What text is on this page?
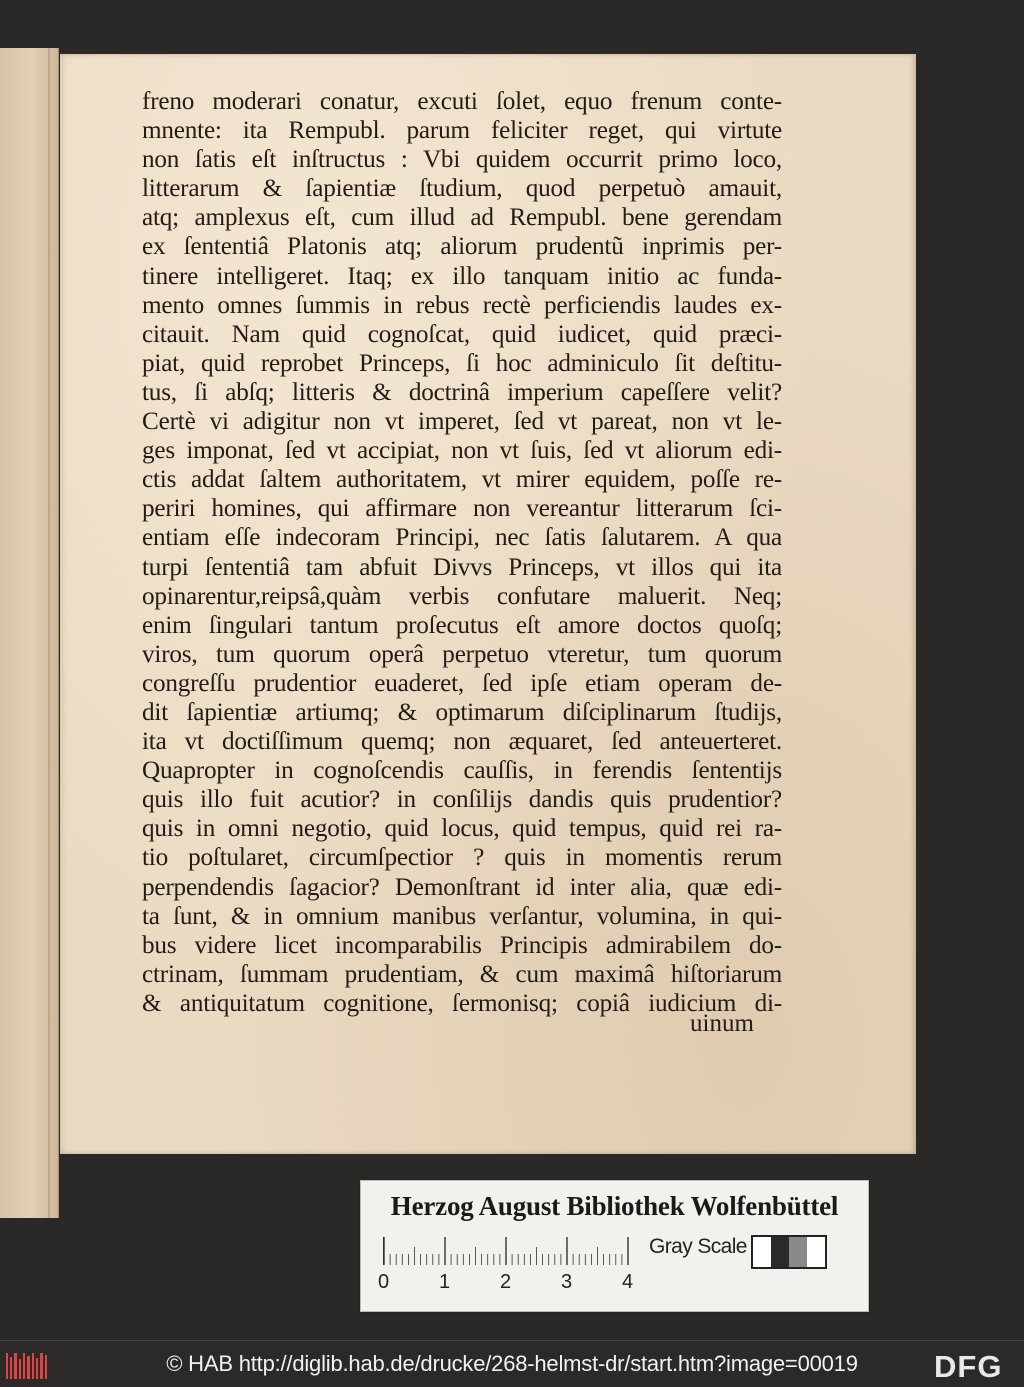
freno moderari conatur, excuti ſolet, equo frenum conte-
mnente: ita Rempubl. parum feliciter reget, qui virtute
non ſatis eſt inſtructus : Vbi quidem occurrit primo loco,
litterarum & ſapientiæ ſtudium, quod perpetuò amauit,
atq; amplexus eſt, cum illud ad Rempubl. bene gerendam
ex ſententiâ Platonis atq; aliorum prudentũ inprimis per-
tinere intelligeret. Itaq; ex illo tanquam initio ac funda-
mento omnes ſummis in rebus rectè perficiendis laudes ex-
citauit. Nam quid cognoſcat, quid iudicet, quid præci-
piat, quid reprobet Princeps, ſi hoc adminiculo ſit deſtitu-
tus, ſi abſq; litteris & doctrinâ imperium capeſſere velit?
Certè vi adigitur non vt imperet, ſed vt pareat, non vt le-
ges imponat, ſed vt accipiat, non vt ſuis, ſed vt aliorum edi-
ctis addat ſaltem authoritatem, vt mirer equidem, poſſe re-
periri homines, qui affirmare non vereantur litterarum ſci-
entiam eſſe indecoram Principi, nec ſatis ſalutarem. A qua
turpi ſententiâ tam abfuit Divvs Princeps, vt illos qui ita
opinarentur,reipsâ,quàm verbis confutare maluerit. Neq;
enim ſingulari tantum proſecutus eſt amore doctos quoſq;
viros, tum quorum operâ perpetuo vteretur, tum quorum
congreſſu prudentior euaderet, ſed ipſe etiam operam de-
dit ſapientiæ artiumq; & optimarum diſciplinarum ſtudijs,
ita vt doctiſſimum quemq; non æquaret, ſed anteuerteret.
Quapropter in cognoſcendis cauſſis, in ferendis ſententijs
quis illo fuit acutior? in conſilijs dandis quis prudentior?
quis in omni negotio, quid locus, quid tempus, quid rei ra-
tio poſtularet, circumſpectior ? quis in momentis rerum
perpendendis ſagacior? Demonſtrant id inter alia, quæ edi-
ta ſunt, & in omnium manibus verſantur, volumina, in qui-
bus videre licet incomparabilis Principis admirabilem do-
ctrinam, ſummam prudentiam, & cum maximâ hiſtoriarum
& antiquitatum cognitione, ſermonisq; copiâ iudicium di-
uinum
Herzog August Bibliothek Wolfenbüttel
0 1 2 3 4
Gray Scale
© HAB http://diglib.hab.de/drucke/268-helmst-dr/start.htm?image=00019	DFG
